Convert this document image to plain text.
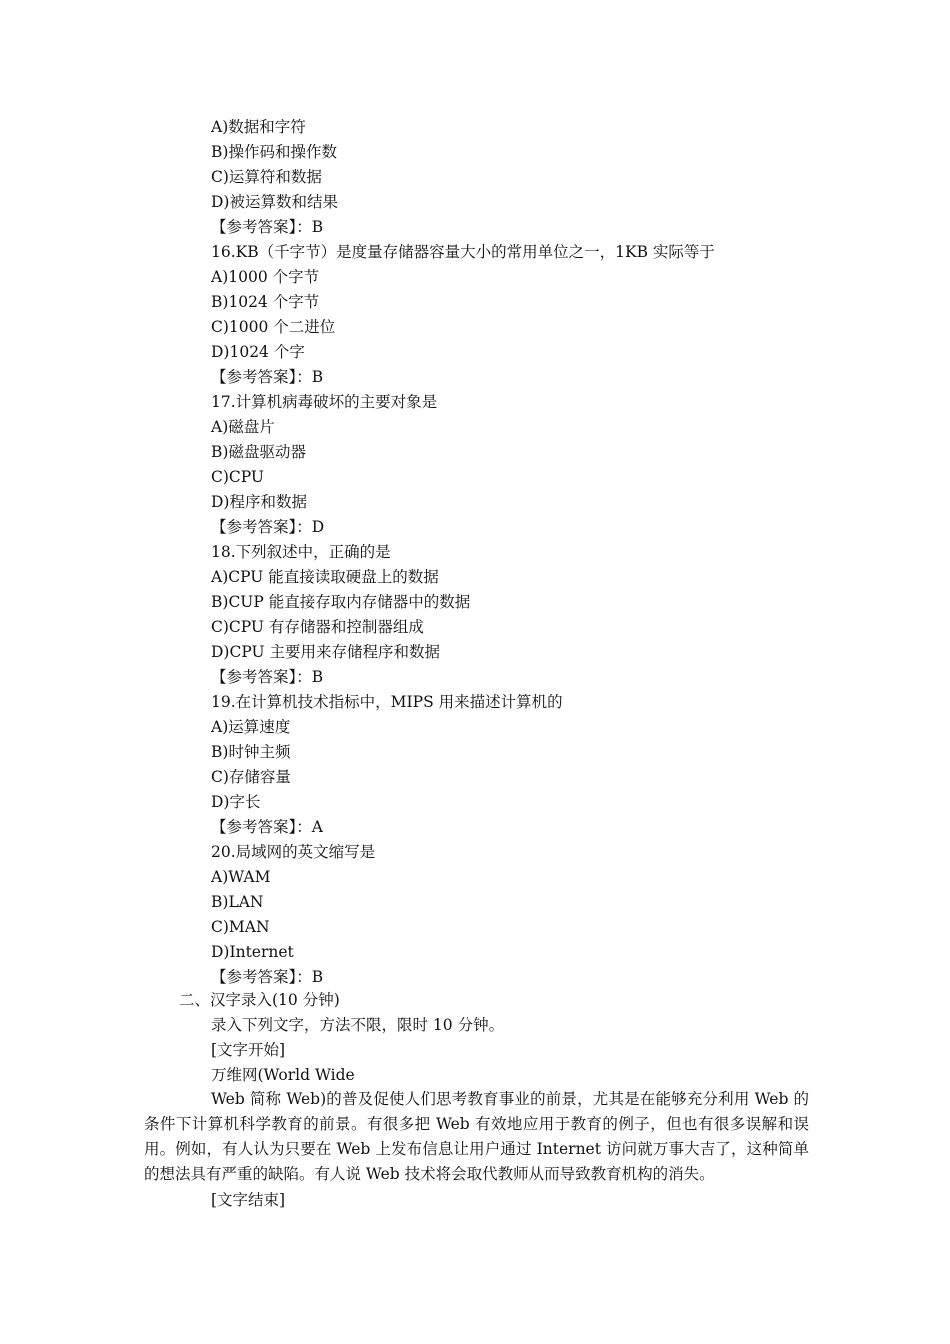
A)数据和字符
B)操作码和操作数
C)运算符和数据
D)被运算数和结果
【参考答案】：B
16.KB（千字节）是度量存储器容量大小的常用单位之一，1KB 实际等于
A)1000 个字节
B)1024 个字节
C)1000 个二进位
D)1024 个字
【参考答案】：B
17.计算机病毒破坏的主要对象是
A)磁盘片
B)磁盘驱动器
C)CPU
D)程序和数据
【参考答案】：D
18.下列叙述中，正确的是
A)CPU 能直接读取硬盘上的数据
B)CUP 能直接存取内存储器中的数据
C)CPU 有存储器和控制器组成
D)CPU 主要用来存储程序和数据
【参考答案】：B
19.在计算机技术指标中，MIPS 用来描述计算机的
A)运算速度
B)时钟主频
C)存储容量
D)字长
【参考答案】：A
20.局域网的英文缩写是
A)WAM
B)LAN
C)MAN
D)Internet
【参考答案】：B
二、汉字录入(10 分钟)
录入下列文字，方法不限，限时 10 分钟。
[文字开始]
万维网(World Wide
Web 简称 Web)的普及促使人们思考教育事业的前景，尤其是在能够充分利用 Web 的条件下计算机科学教育的前景。有很多把 Web 有效地应用于教育的例子，但也有很多误解和误用。例如，有人认为只要在 Web 上发布信息让用户通过 Internet 访问就万事大吉了，这种简单的想法具有严重的缺陷。有人说 Web 技术将会取代教师从而导致教育机构的消失。
[文字结束]
